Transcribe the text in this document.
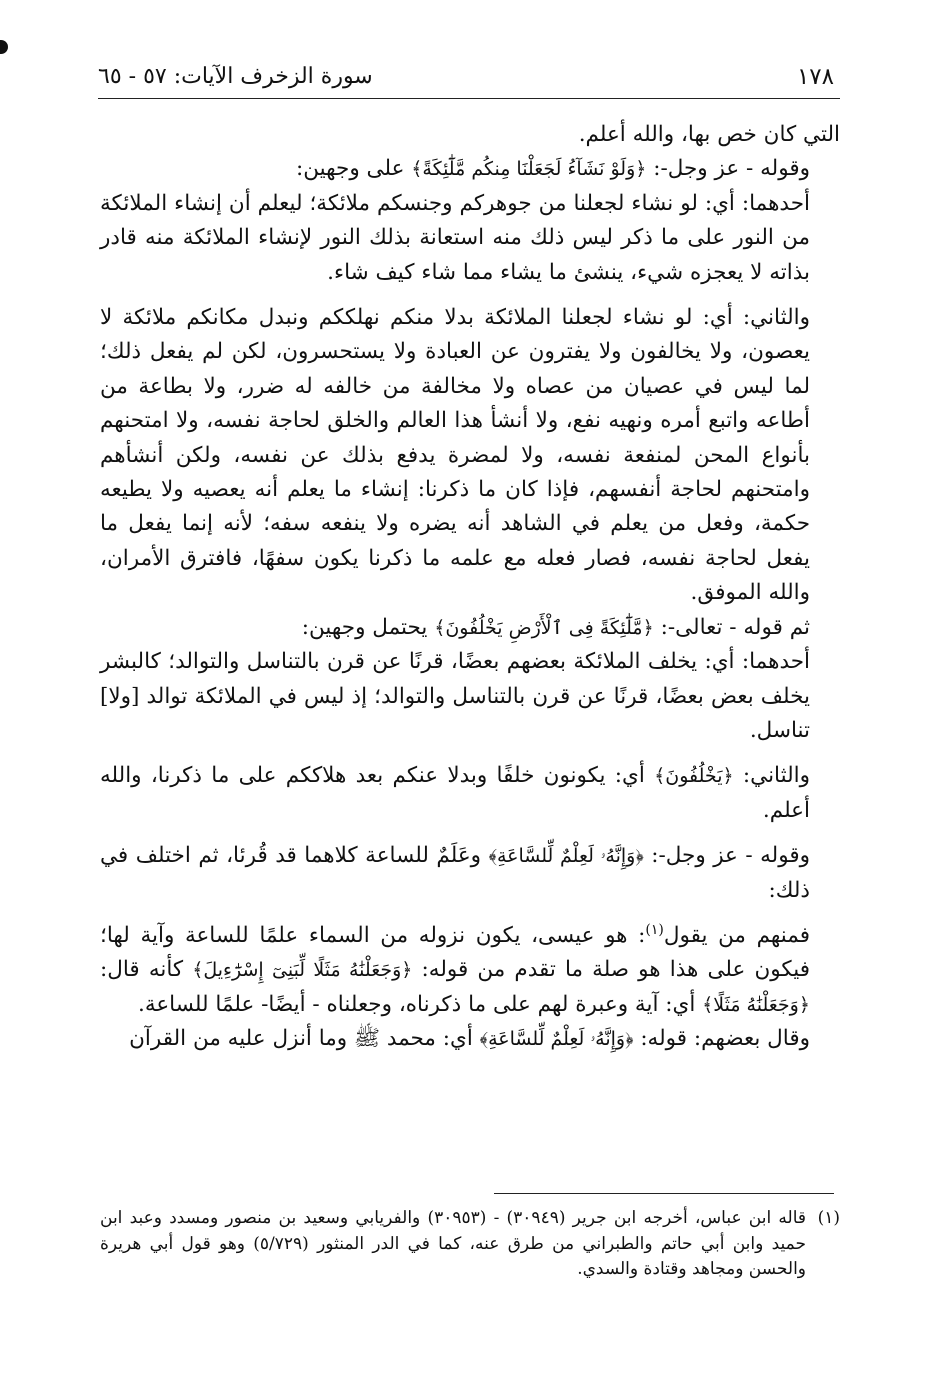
١٧٨
سورة الزخرف الآيات: ٥٧ - ٦٥

التي كان خص بها، والله أعلم.

وقوله - عز وجل-: ﴿وَلَوْ نَشَآءُ لَجَعَلْنَا مِنكُم مَّلَٰٓئِكَةً﴾ على وجهين:

أحدهما: أي: لو نشاء لجعلنا من جوهركم وجنسكم ملائكة؛ ليعلم أن إنشاء الملائكة من النور على ما ذكر ليس ذلك منه استعانة بذلك النور لإنشاء الملائكة منه قادر بذاته لا يعجزه شيء، ينشئ ما يشاء مما شاء كيف شاء.

والثاني: أي: لو نشاء لجعلنا الملائكة بدلا منكم نهلككم ونبدل مكانكم ملائكة لا يعصون، ولا يخالفون ولا يفترون عن العبادة ولا يستحسرون، لكن لم يفعل ذلك؛ لما ليس في عصيان من عصاه ولا مخالفة من خالفه له ضرر، ولا بطاعة من أطاعه واتبع أمره ونهيه نفع، ولا أنشأ هذا العالم والخلق لحاجة نفسه، ولا امتحنهم بأنواع المحن لمنفعة نفسه، ولا لمضرة يدفع بذلك عن نفسه، ولكن أنشأهم وامتحنهم لحاجة أنفسهم، فإذا كان ما ذكرنا: إنشاء ما يعلم أنه يعصيه ولا يطيعه حكمة، وفعل من يعلم في الشاهد أنه يضره ولا ينفعه سفه؛ لأنه إنما يفعل ما يفعل لحاجة نفسه، فصار فعله مع علمه ما ذكرنا يكون سفهًا، فافترق الأمران، والله الموفق.

ثم قوله - تعالى-: ﴿مَّلَٰٓئِكَةً فِى ٱلْأَرْضِ يَخْلُفُونَ﴾ يحتمل وجهين:

أحدهما: أي: يخلف الملائكة بعضهم بعضًا، قرنًا عن قرن بالتناسل والتوالد؛ كالبشر يخلف بعض بعضًا، قرنًا عن قرن بالتناسل والتوالد؛ إذ ليس في الملائكة توالد [ولا] تناسل.

والثاني: ﴿يَخْلُفُونَ﴾ أي: يكونون خلفًا وبدلا عنكم بعد هلاككم على ما ذكرنا، والله أعلم.

وقوله - عز وجل-: ﴿وَإِنَّهُۥ لَعِلْمٌ لِّلسَّاعَةِ﴾ وعَلَمٌ للساعة كلاهما قد قُرئا، ثم اختلف في ذلك:

فمنهم من يقول$^{(١)}$: هو عيسى، يكون نزوله من السماء علمًا للساعة وآية لها؛ فيكون على هذا هو صلة ما تقدم من قوله: ﴿وَجَعَلْنَٰهُ مَثَلًا لِّبَنِىٓ إِسْرَٰٓءِيلَ﴾ كأنه قال: ﴿وَجَعَلْنَٰهُ مَثَلًا﴾ أي: آية وعبرة لهم على ما ذكرناه، وجعلناه - أيضًا- علمًا للساعة.

وقال بعضهم: قوله: ﴿وَإِنَّهُۥ لَعِلْمٌ لِّلسَّاعَةِ﴾ أي: محمد ﷺ وما أنزل عليه من القرآن

(١)
قاله ابن عباس، أخرجه ابن جرير (٣٠٩٤٩) - (٣٠٩٥٣) والفريابي وسعيد بن منصور ومسدد وعبد ابن حميد وابن أبي حاتم والطبراني من طرق عنه، كما في الدر المنثور (٥/٧٢٩) وهو قول أبي هريرة والحسن ومجاهد وقتادة والسدي.
